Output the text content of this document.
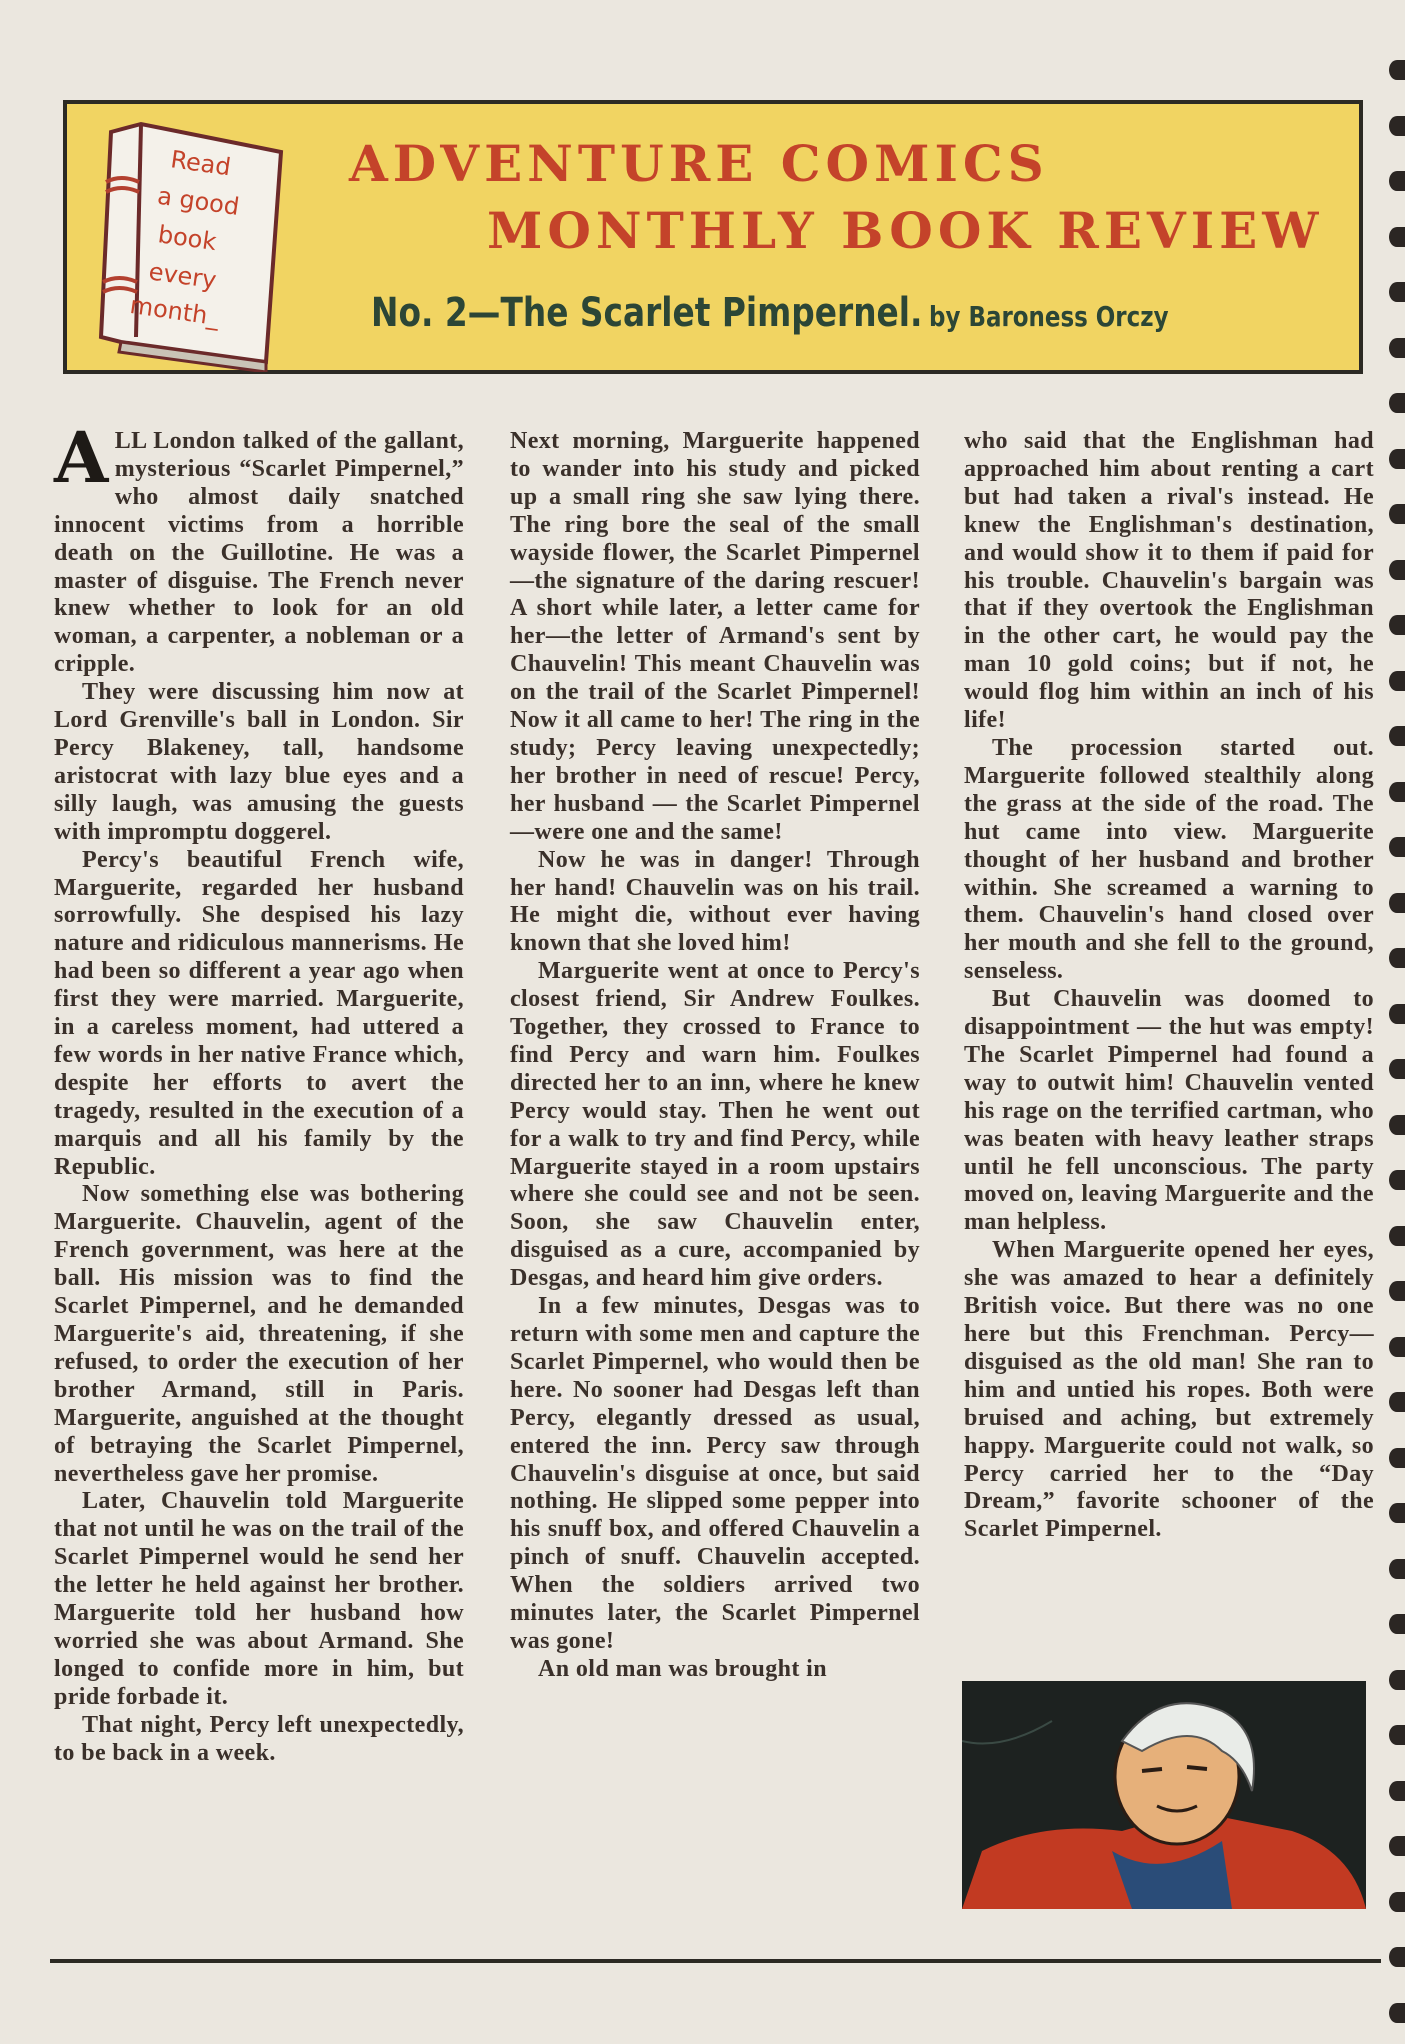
Read
a good
book
every
month_
ADVENTURE COMICS
MONTHLY BOOK REVIEW
No. 2—The Scarlet Pimpernel. by Baroness Orczy

ALL London talked of the gallant, mysterious “Scarlet Pimpernel,” who almost daily snatched innocent victims from a horrible death on the Guillotine. He was a master of disguise. The French never knew whether to look for an old woman, a carpenter, a nobleman or a cripple.

They were discussing him now at Lord Grenville's ball in London. Sir Percy Blakeney, tall, handsome aristocrat with lazy blue eyes and a silly laugh, was amusing the guests with impromptu doggerel.

Percy's beautiful French wife, Marguerite, regarded her husband sorrowfully. She despised his lazy nature and ridiculous mannerisms. He had been so different a year ago when first they were married. Marguerite, in a careless moment, had uttered a few words in her native France which, despite her efforts to avert the tragedy, resulted in the execution of a marquis and all his family by the Republic.

Now something else was bothering Marguerite. Chauvelin, agent of the French government, was here at the ball. His mission was to find the Scarlet Pimpernel, and he demanded Marguerite's aid, threatening, if she refused, to order the execution of her brother Armand, still in Paris. Marguerite, anguished at the thought of betraying the Scarlet Pimpernel, nevertheless gave her promise.

Later, Chauvelin told Marguerite that not until he was on the trail of the Scarlet Pimpernel would he send her the letter he held against her brother. Marguerite told her husband how worried she was about Armand. She longed to confide more in him, but pride forbade it.

That night, Percy left unexpectedly, to be back in a week.

Next morning, Marguerite happened to wander into his study and picked up a small ring she saw lying there. The ring bore the seal of the small wayside flower, the Scarlet Pimpernel—the signature of the daring rescuer! A short while later, a letter came for her—the letter of Armand's sent by Chauvelin! This meant Chauvelin was on the trail of the Scarlet Pimpernel! Now it all came to her! The ring in the study; Percy leaving unexpectedly; her brother in need of rescue! Percy, her husband — the Scarlet Pimpernel—were one and the same!

Now he was in danger! Through her hand! Chauvelin was on his trail. He might die, without ever having known that she loved him!

Marguerite went at once to Percy's closest friend, Sir Andrew Foulkes. Together, they crossed to France to find Percy and warn him. Foulkes directed her to an inn, where he knew Percy would stay. Then he went out for a walk to try and find Percy, while Marguerite stayed in a room upstairs where she could see and not be seen. Soon, she saw Chauvelin enter, disguised as a cure, accompanied by Desgas, and heard him give orders.

In a few minutes, Desgas was to return with some men and capture the Scarlet Pimpernel, who would then be here. No sooner had Desgas left than Percy, elegantly dressed as usual, entered the inn. Percy saw through Chauvelin's disguise at once, but said nothing. He slipped some pepper into his snuff box, and offered Chauvelin a pinch of snuff. Chauvelin accepted. When the soldiers arrived two minutes later, the Scarlet Pimpernel was gone!

An old man was brought in

who said that the Englishman had approached him about renting a cart but had taken a rival's instead. He knew the Englishman's destination, and would show it to them if paid for his trouble. Chauvelin's bargain was that if they overtook the Englishman in the other cart, he would pay the man 10 gold coins; but if not, he would flog him within an inch of his life!

The procession started out. Marguerite followed stealthily along the grass at the side of the road. The hut came into view. Marguerite thought of her husband and brother within. She screamed a warning to them. Chauvelin's hand closed over her mouth and she fell to the ground, senseless.

But Chauvelin was doomed to disappointment — the hut was empty! The Scarlet Pimpernel had found a way to outwit him! Chauvelin vented his rage on the terrified cartman, who was beaten with heavy leather straps until he fell unconscious. The party moved on, leaving Marguerite and the man helpless.

When Marguerite opened her eyes, she was amazed to hear a definitely British voice. But there was no one here but this Frenchman. Percy—disguised as the old man! She ran to him and untied his ropes. Both were bruised and aching, but extremely happy. Marguerite could not walk, so Percy carried her to the “Day Dream,” favorite schooner of the Scarlet Pimpernel.
